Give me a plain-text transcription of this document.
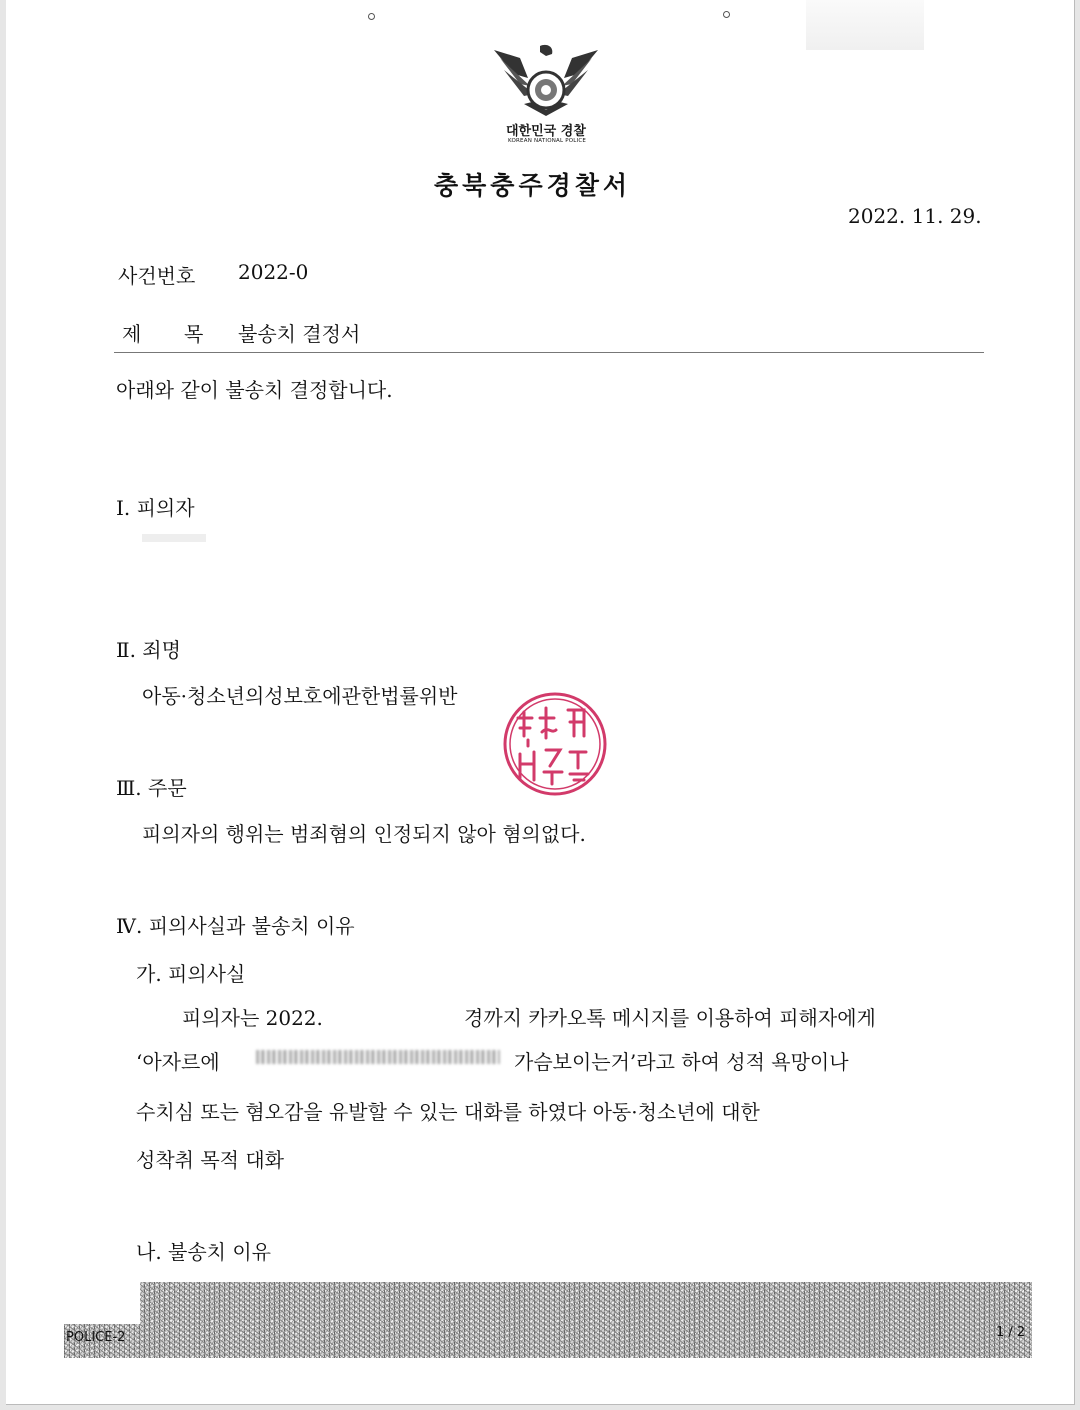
대한민국 경찰
KOREAN NATIONAL POLICE
충북충주경찰서
2022. 11. 29.
사건번호 2022-0
제 목 불송치 결정서
아래와 같이 불송치 결정합니다.
Ⅰ. 피의자
Ⅱ. 죄명
아동·청소년의성보호에관한법률위반
Ⅲ. 주문
피의자의 행위는 범죄혐의 인정되지 않아 혐의없다.
Ⅳ. 피의사실과 불송치 이유
가. 피의사실
피의자는 2022.	경까지 카카오톡 메시지를 이용하여 피해자에게
‘아자르에	가슴보이는거’라고 하여 성적 욕망이나
수치심 또는 혐오감을 유발할 수 있는 대화를 하였다 아동·청소년에 대한
성착취 목적 대화
나. 불송치 이유
POLICE-2	1 / 2
